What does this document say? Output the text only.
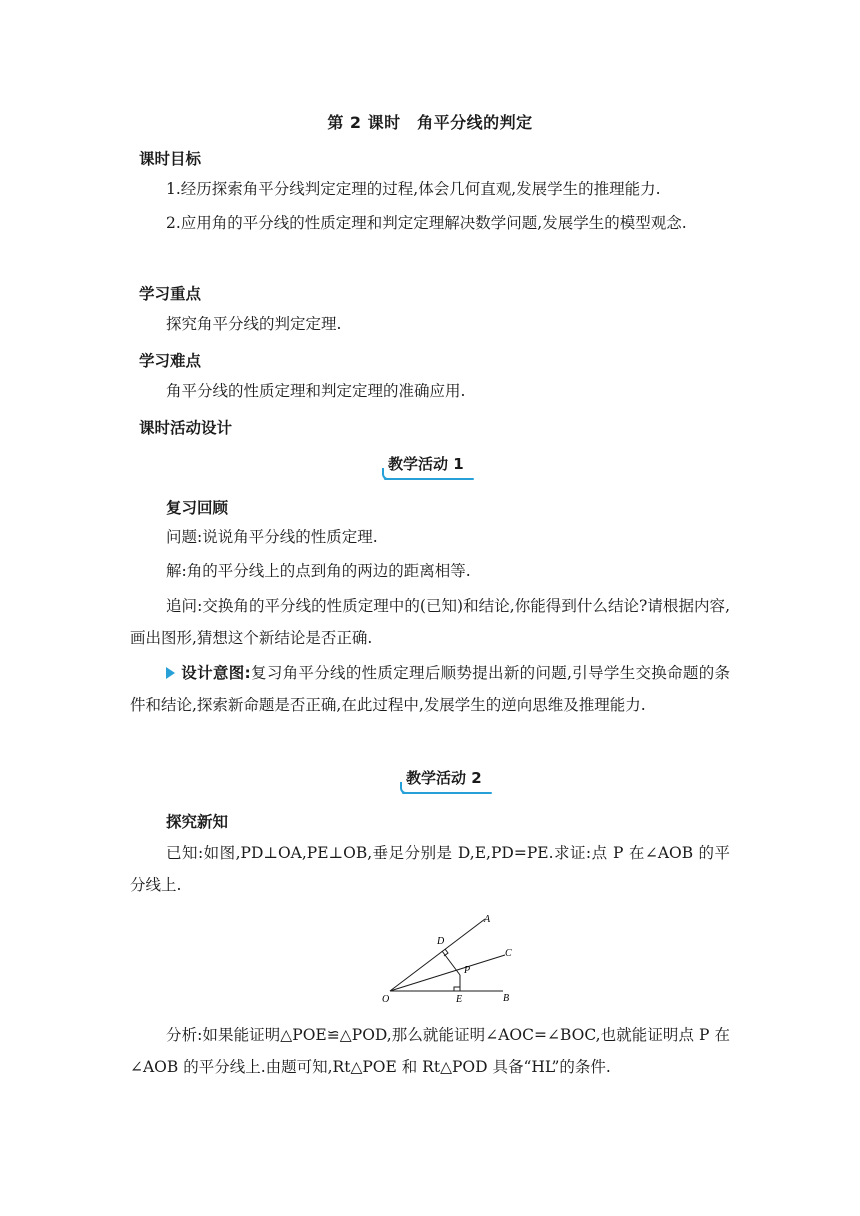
第 2 课时　角平分线的判定
课时目标
1.经历探索角平分线判定定理的过程,体会几何直观,发展学生的推理能力.
2.应用角的平分线的性质定理和判定定理解决数学问题,发展学生的模型观念.
学习重点
探究角平分线的判定定理.
学习难点
角平分线的性质定理和判定定理的准确应用.
课时活动设计
教学活动 1
复习回顾
问题:说说角平分线的性质定理.
解:角的平分线上的点到角的两边的距离相等.
追问:交换角的平分线的性质定理中的(已知)和结论,你能得到什么结论?请根据内容,画出图形,猜想这个新结论是否正确.
设计意图:复习角平分线的性质定理后顺势提出新的问题,引导学生交换命题的条件和结论,探索新命题是否正确,在此过程中,发展学生的逆向思维及推理能力.
教学活动 2
探究新知
已知:如图,PD⊥OA,PE⊥OB,垂足分别是 D,E,PD=PE.求证:点 P 在∠AOB 的平分线上.
O
A
B
C
D
E
P
分析:如果能证明△POE≌△POD,那么就能证明∠AOC=∠BOC,也就能证明点 P 在∠AOB 的平分线上.由题可知,Rt△POE 和 Rt△POD 具备“HL”的条件.
